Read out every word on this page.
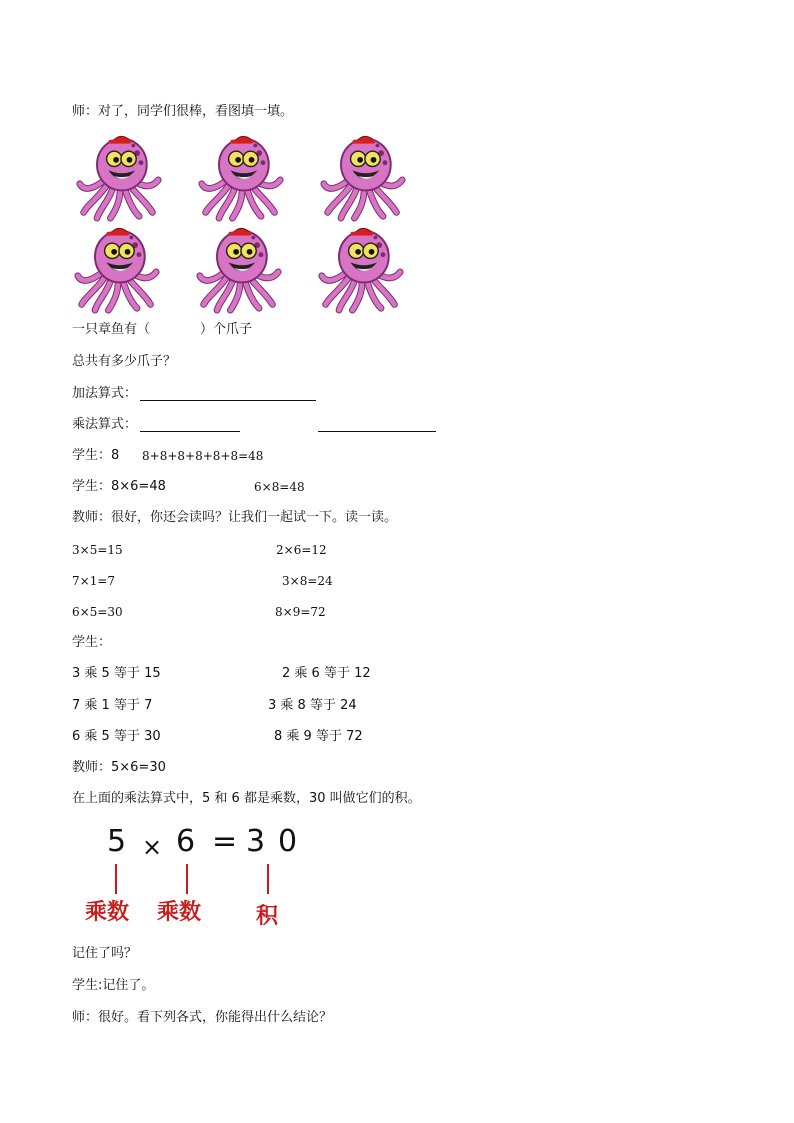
师：对了，同学们很棒，看图填一填。
一只章鱼有（	）个爪子
总共有多少爪子？
加法算式：
乘法算式：
学生：8 8+8+8+8+8+8=48
学生：8×6=48	6×8=48
教师：很好，你还会读吗？让我们一起试一下。读一读。
3×5=15	2×6=12
7×1=7	3×8=24
6×5=30	8×9=72
学生：
3 乘 5 等于 15	2 乘 6 等于 12
7 乘 1 等于 7	3 乘 8 等于 24
6 乘 5 等于 30	8 乘 9 等于 72
教师：5×6=30
在上面的乘法算式中，5 和 6 都是乘数，30 叫做它们的积。
5 × 6 = 3 0
乘数 乘数 积
记住了吗？
学生:记住了。
师：很好。看下列各式，你能得出什么结论？
